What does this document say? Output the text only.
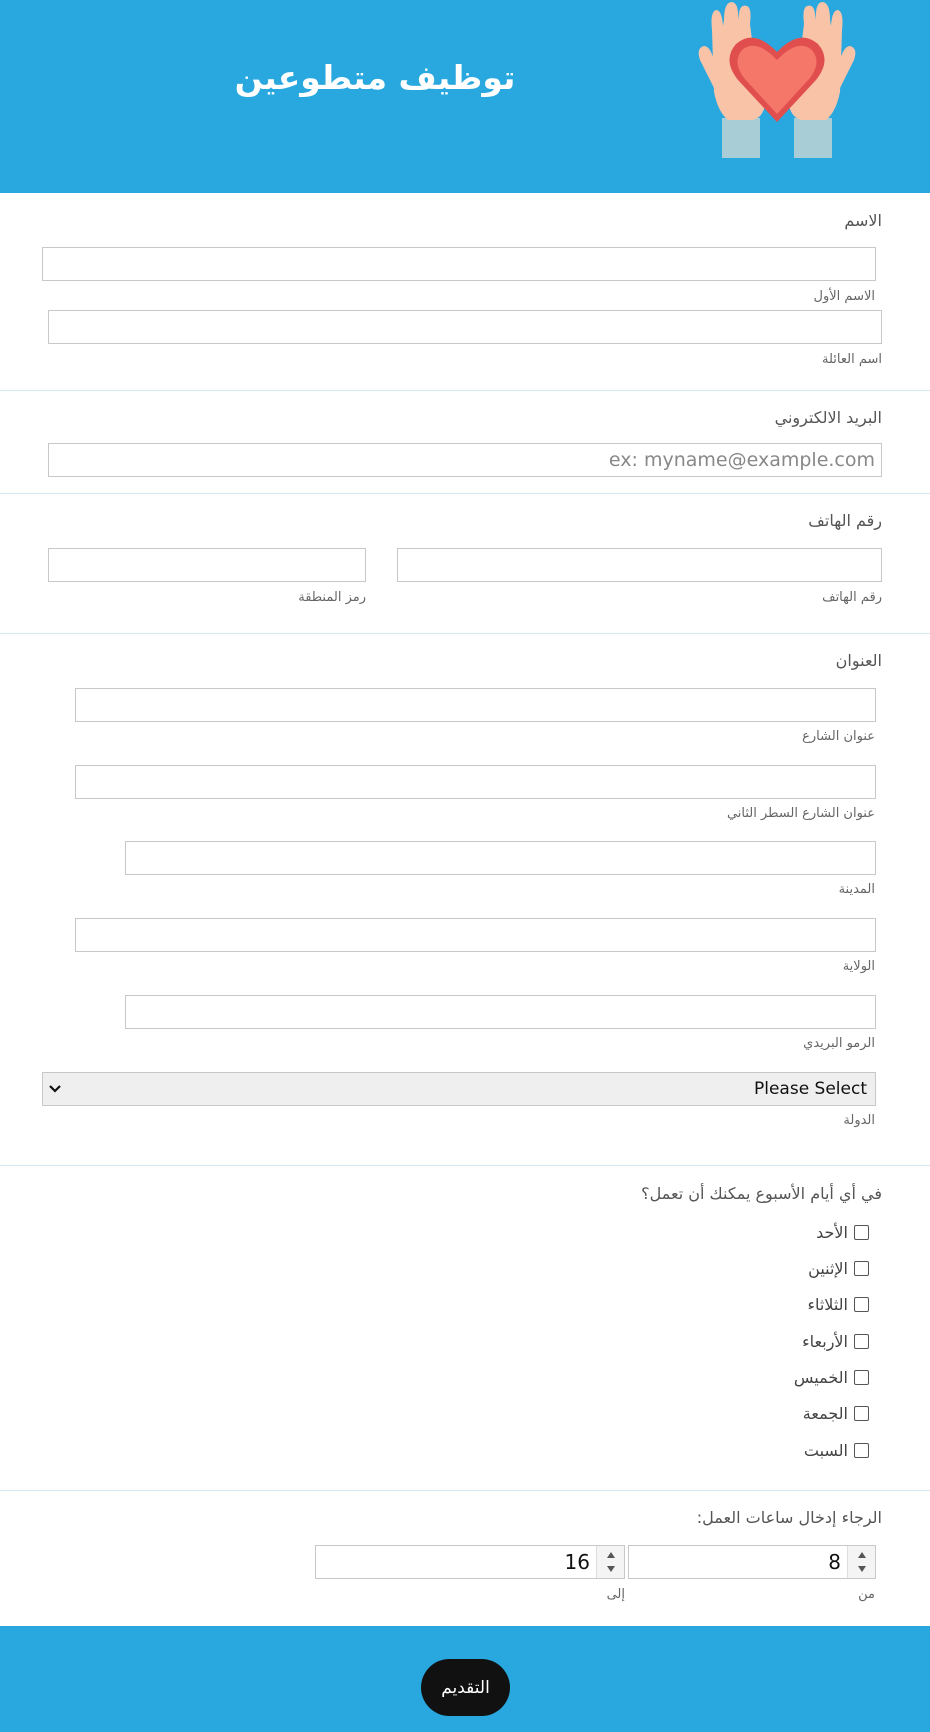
توظيف متطوعين
الاسم
الاسم الأول
اسم العائلة
البريد الالكتروني
ex: myname@example.com
رقم الهاتف
رمز المنطقة	رقم الهاتف
العنوان
عنوان الشارع
عنوان الشارع السطر الثاني
المدينة
الولاية
الرمو البريدي
Please Select
الدولة
في أي أيام الأسبوع يمكنك أن تعمل؟
الأحد
الإثنين
الثلاثاء
الأربعاء
الخميس
الجمعة
السبت
الرجاء إدخال ساعات العمل:
8
من
16
إلى
التقديم
